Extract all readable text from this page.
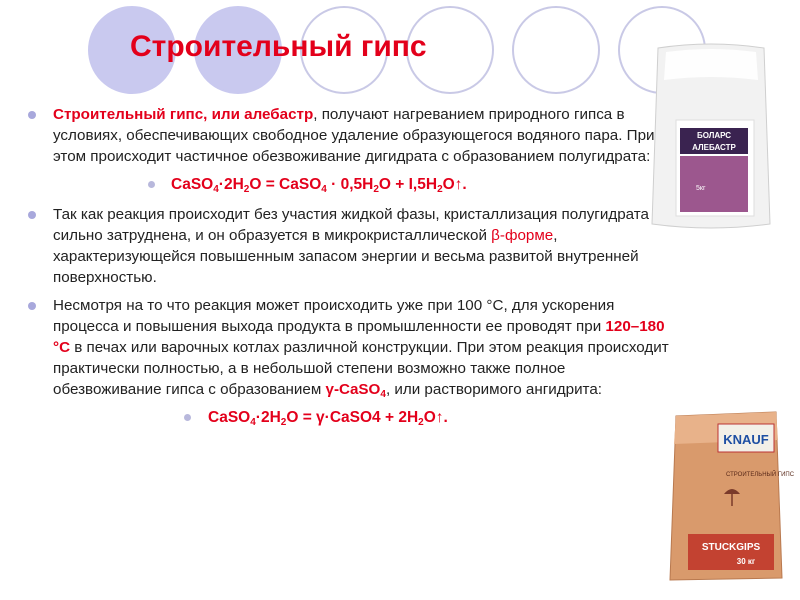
Строительный гипс

Строительный гипс, или алебастр, получают нагреванием природного гипса в условиях, обеспечивающих свободное удаление образующегося водяного пара. При этом происходит частичное обезвоживание дигидрата с образованием полугидрата:

$CaSO_4\cdot 2H_2O$ = CaSO$_4$ · $0,5H_2O$ + $I,5H_2O↑$.

Так как реакция происходит без участия жидкой фазы, кристаллизация полугидрата сильно затруднена, и он образуется в микрокристаллической β-форме, характеризующейся повышенным запасом энергии и весьма развитой внутренней поверхностью.

Несмотря на то что реакция может происходить уже при 100 °С, для ускорения процесса и повышения выхода продукта в промышленности ее проводят при 120–180 °С в печах или варочных котлах различной конструкции. При этом реакция происходит практически полностью, а в небольшой степени возможно также полное обезвоживание гипса с образованием γ-CaSO$_4$, или растворимого ангидрита:

$CaSO_4\cdot 2H_2O$ = γ·CaSO4 + $2H_2O↑$.
БОЛАРС
АЛЕБАСТР
5кг
KNAUF
СТРОИТЕЛЬНЫЙ ГИПС
STUCKGIPS
30 кг
